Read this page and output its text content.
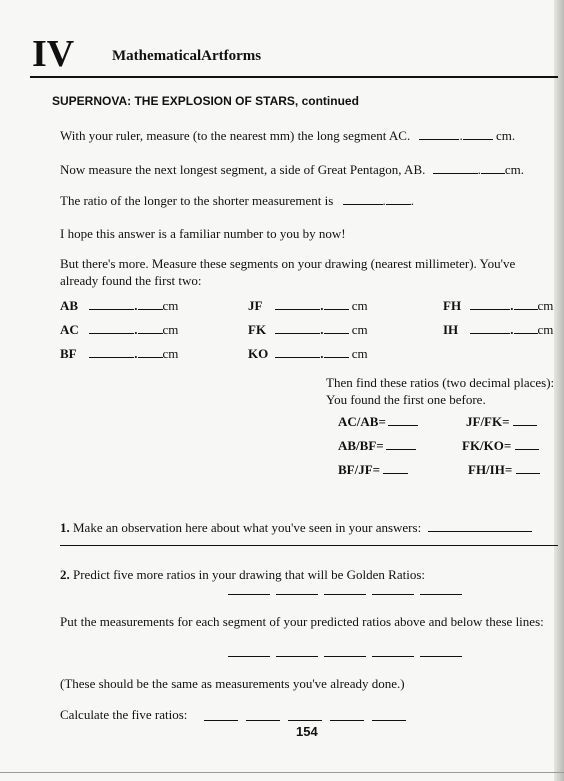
IV	MathematicalArtforms
SUPERNOVA: THE EXPLOSION OF STARS, continued
With your ruler, measure (to the nearest mm) the long segment AC.	.	cm.
Now measure the next longest segment, a side of Great Pentagon, AB.	. cm.
The ratio of the longer to the shorter measurement is	. .
I hope this answer is a familiar number to you by now!
But there's more. Measure these segments on your drawing (nearest millimeter). You've already found the first two:
AB	. cm	JF	. cm	FH	. cm
AC	. cm	FK	. cm	IH	. cm
BF	. cm	KO	. cm
Then find these ratios (two decimal places): You found the first one before.
AC/AB=	JF/FK=
AB/BF=	FK/KO=
BF/JF=	FH/IH=
1. Make an observation here about what you've seen in your answers:
2. Predict five more ratios in your drawing that will be Golden Ratios:
Put the measurements for each segment of your predicted ratios above and below these lines:
(These should be the same as measurements you've already done.)
Calculate the five ratios:
154
